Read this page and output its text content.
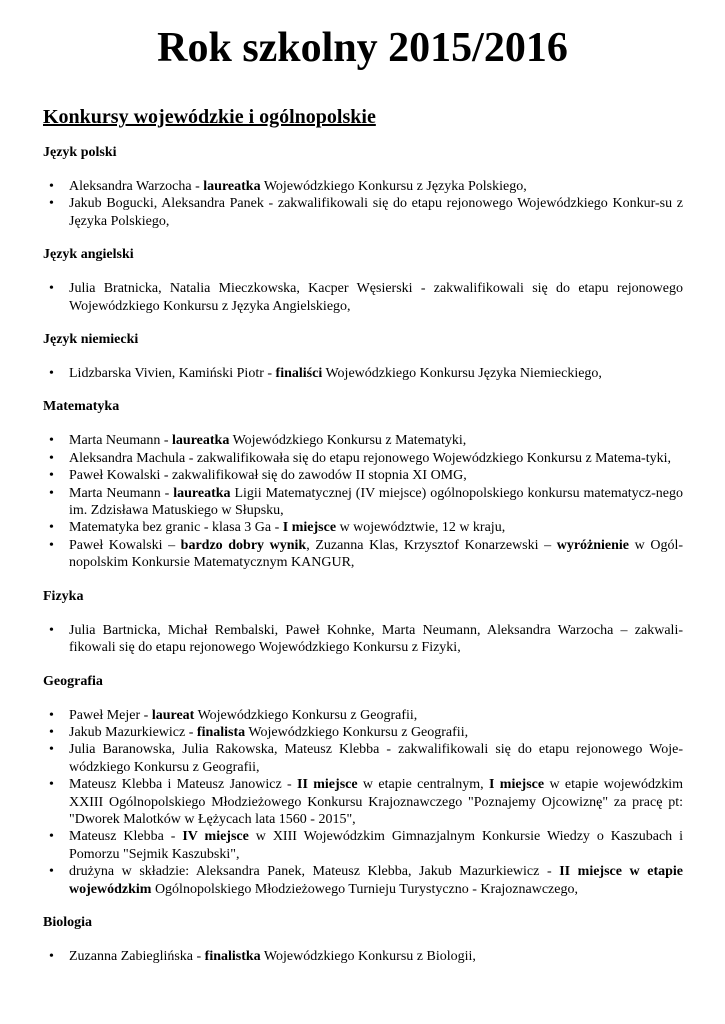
Rok szkolny 2015/2016
Konkursy wojewódzkie i ogólnopolskie
Język polski
• Aleksandra Warzocha - laureatka Wojewódzkiego Konkursu z Języka Polskiego,
• Jakub Bogucki, Aleksandra Panek - zakwalifikowali się do etapu rejonowego Wojewódzkiego Konkur-su z Języka Polskiego,
Język angielski
• Julia Bratnicka, Natalia Mieczkowska, Kacper Węsierski - zakwalifikowali się do etapu rejonowego Wojewódzkiego Konkursu z Języka Angielskiego,
Język niemiecki
• Lidzbarska Vivien, Kamiński Piotr - finaliści Wojewódzkiego Konkursu Języka Niemieckiego,
Matematyka
• Marta Neumann - laureatka Wojewódzkiego Konkursu z Matematyki,
• Aleksandra Machula - zakwalifikowała się do etapu rejonowego Wojewódzkiego Konkursu z Matema-tyki,
• Paweł Kowalski - zakwalifikował się do zawodów II stopnia XI OMG,
• Marta Neumann - laureatka Ligii Matematycznej (IV miejsce) ogólnopolskiego konkursu matematycz-nego im. Zdzisława Matuskiego w Słupsku,
• Matematyka bez granic - klasa 3 Ga - I miejsce w województwie, 12 w kraju,
• Paweł Kowalski – bardzo dobry wynik, Zuzanna Klas, Krzysztof Konarzewski – wyróżnienie w Ogól-nopolskim Konkursie Matematycznym KANGUR,
Fizyka
• Julia Bartnicka, Michał Rembalski, Paweł Kohnke, Marta Neumann, Aleksandra Warzocha – zakwali-fikowali się do etapu rejonowego Wojewódzkiego Konkursu z Fizyki,
Geografia
• Paweł Mejer - laureat Wojewódzkiego Konkursu z Geografii,
• Jakub Mazurkiewicz - finalista Wojewódzkiego Konkursu z Geografii,
• Julia Baranowska, Julia Rakowska, Mateusz Klebba - zakwalifikowali się do etapu rejonowego Woje-wódzkiego Konkursu z Geografii,
• Mateusz Klebba i Mateusz Janowicz - II miejsce w etapie centralnym, I miejsce w etapie wojewódzkim XXIII Ogólnopolskiego Młodzieżowego Konkursu Krajoznawczego "Poznajemy Ojcowiznę" za pracę pt: "Dworek Malotków w Łężycach lata 1560 - 2015",
• Mateusz Klebba - IV miejsce w XIII Wojewódzkim Gimnazjalnym Konkursie Wiedzy o Kaszubach i Pomorzu "Sejmik Kaszubski",
• drużyna w składzie: Aleksandra Panek, Mateusz Klebba, Jakub Mazurkiewicz - II miejsce w etapie wojewódzkim Ogólnopolskiego Młodzieżowego Turnieju Turystyczno - Krajoznawczego,
Biologia
• Zuzanna Zabieglińska - finalistka Wojewódzkiego Konkursu z Biologii,
